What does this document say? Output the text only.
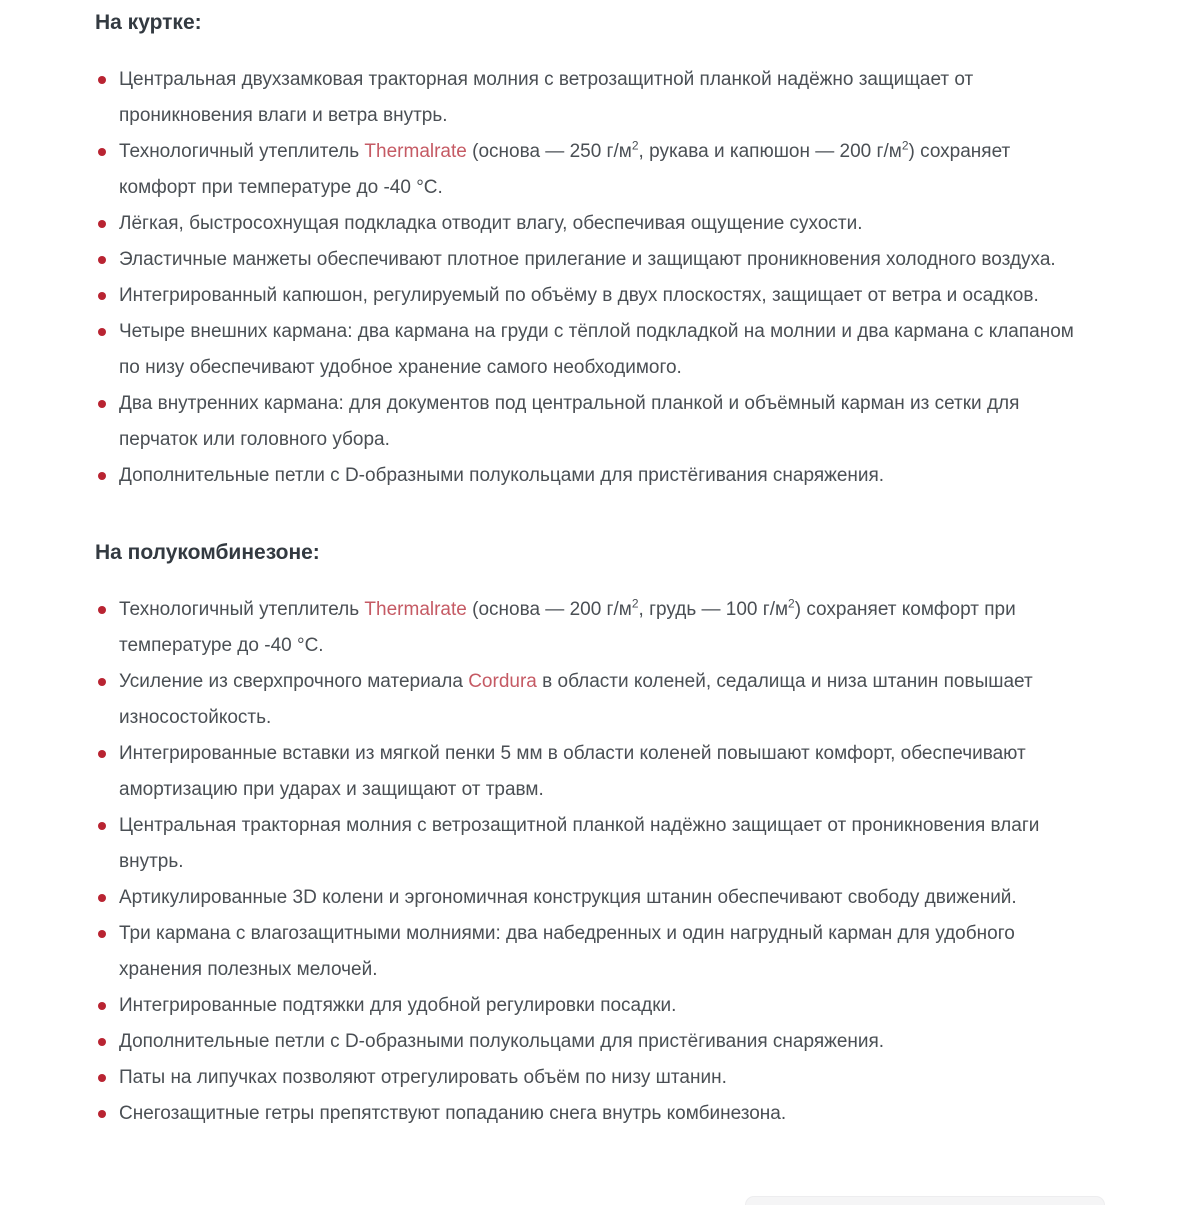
На куртке:
Центральная двухзамковая тракторная молния с ветрозащитной планкой надёжно защищает от проникновения влаги и ветра внутрь.
Технологичный утеплитель Thermalrate (основа — 250 $г/м^2$, рукава и капюшон — 200 $г/м^2$) сохраняет комфорт при температуре до -40 °C.
Лёгкая, быстросохнущая подкладка отводит влагу, обеспечивая ощущение сухости.
Эластичные манжеты обеспечивают плотное прилегание и защищают проникновения холодного воздуха.
Интегрированный капюшон, регулируемый по объёму в двух плоскостях, защищает от ветра и осадков.
Четыре внешних кармана: два кармана на груди с тёплой подкладкой на молнии и два кармана с клапаном по низу обеспечивают удобное хранение самого необходимого.
Два внутренних кармана: для документов под центральной планкой и объёмный карман из сетки для перчаток или головного убора.
Дополнительные петли с D-образными полукольцами для пристёгивания снаряжения.
На полукомбинезоне:
Технологичный утеплитель Thermalrate (основа — 200 $г/м^2$, грудь — 100 $г/м^2$) сохраняет комфорт при температуре до -40 °C.
Усиление из сверхпрочного материала Cordura в области коленей, седалища и низа штанин повышает износостойкость.
Интегрированные вставки из мягкой пенки 5 мм в области коленей повышают комфорт, обеспечивают амортизацию при ударах и защищают от травм.
Центральная тракторная молния с ветрозащитной планкой надёжно защищает от проникновения влаги внутрь.
Артикулированные 3D колени и эргономичная конструкция штанин обеспечивают свободу движений.
Три кармана с влагозащитными молниями: два набедренных и один нагрудный карман для удобного хранения полезных мелочей.
Интегрированные подтяжки для удобной регулировки посадки.
Дополнительные петли с D-образными полукольцами для пристёгивания снаряжения.
Паты на липучках позволяют отрегулировать объём по низу штанин.
Снегозащитные гетры препятствуют попаданию снега внутрь комбинезона.
